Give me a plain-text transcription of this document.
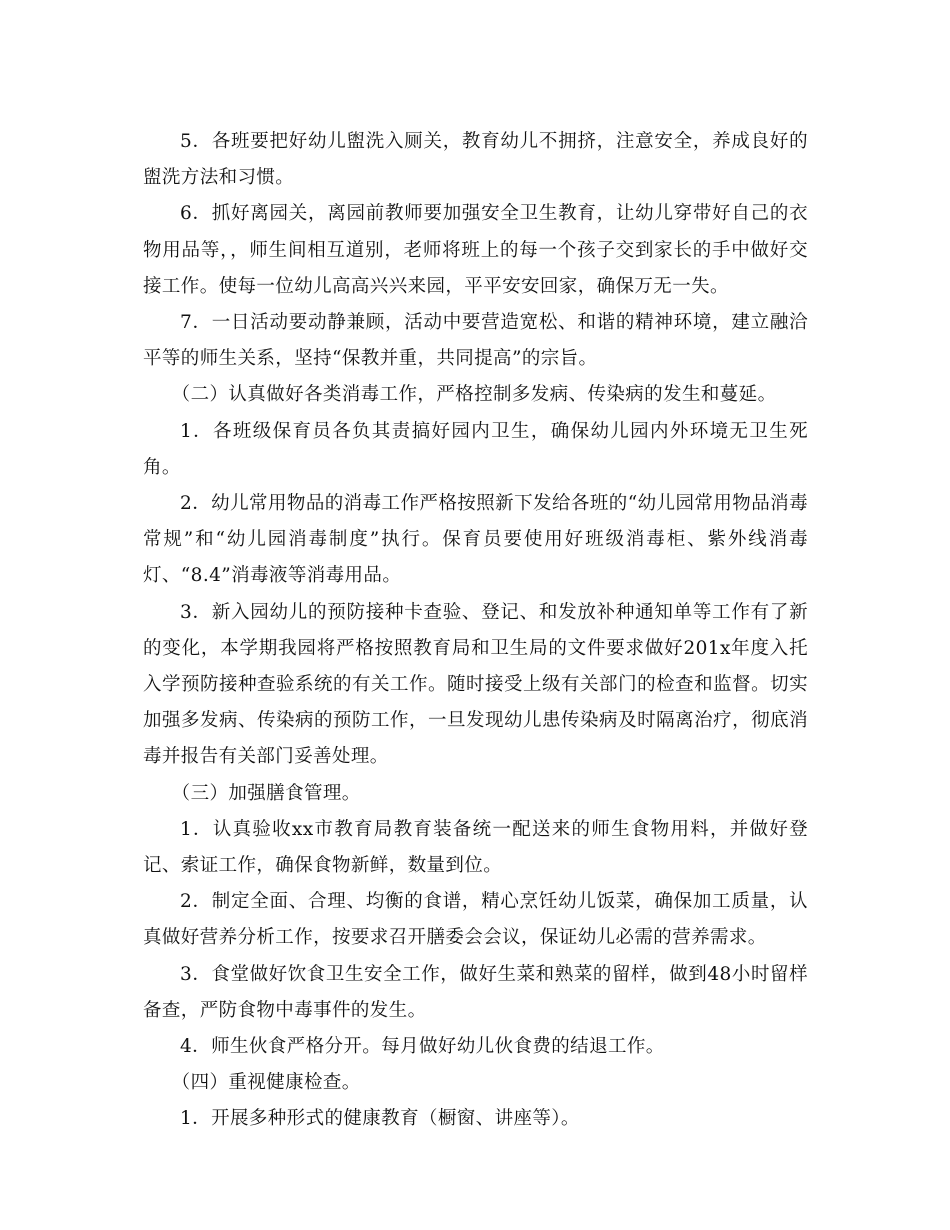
5．各班要把好幼儿盥洗入厕关，教育幼儿不拥挤，注意安全，养成良好的盥洗方法和习惯。

6．抓好离园关，离园前教师要加强安全卫生教育，让幼儿穿带好自己的衣物用品等，，师生间相互道别，老师将班上的每一个孩子交到家长的手中做好交接工作。使每一位幼儿高高兴兴来园，平平安安回家，确保万无一失。

7．一日活动要动静兼顾，活动中要营造宽松、和谐的精神环境，建立融洽平等的师生关系，坚持“保教并重，共同提高”的宗旨。

（二）认真做好各类消毒工作，严格控制多发病、传染病的发生和蔓延。

1．各班级保育员各负其责搞好园内卫生，确保幼儿园内外环境无卫生死角。

2．幼儿常用物品的消毒工作严格按照新下发给各班的“幼儿园常用物品消毒常规”和“幼儿园消毒制度”执行。保育员要使用好班级消毒柜、紫外线消毒灯、“8.4”消毒液等消毒用品。

3．新入园幼儿的预防接种卡查验、登记、和发放补种通知单等工作有了新的变化，本学期我园将严格按照教育局和卫生局的文件要求做好201x年度入托入学预防接种查验系统的有关工作。随时接受上级有关部门的检查和监督。切实加强多发病、传染病的预防工作，一旦发现幼儿患传染病及时隔离治疗，彻底消毒并报告有关部门妥善处理。

（三）加强膳食管理。

1．认真验收xx市教育局教育装备统一配送来的师生食物用料，并做好登记、索证工作，确保食物新鲜，数量到位。

2．制定全面、合理、均衡的食谱，精心烹饪幼儿饭菜，确保加工质量，认真做好营养分析工作，按要求召开膳委会会议，保证幼儿必需的营养需求。

3．食堂做好饮食卫生安全工作，做好生菜和熟菜的留样，做到48小时留样备查，严防食物中毒事件的发生。

4．师生伙食严格分开。每月做好幼儿伙食费的结退工作。

（四）重视健康检查。

1．开展多种形式的健康教育（橱窗、讲座等）。
